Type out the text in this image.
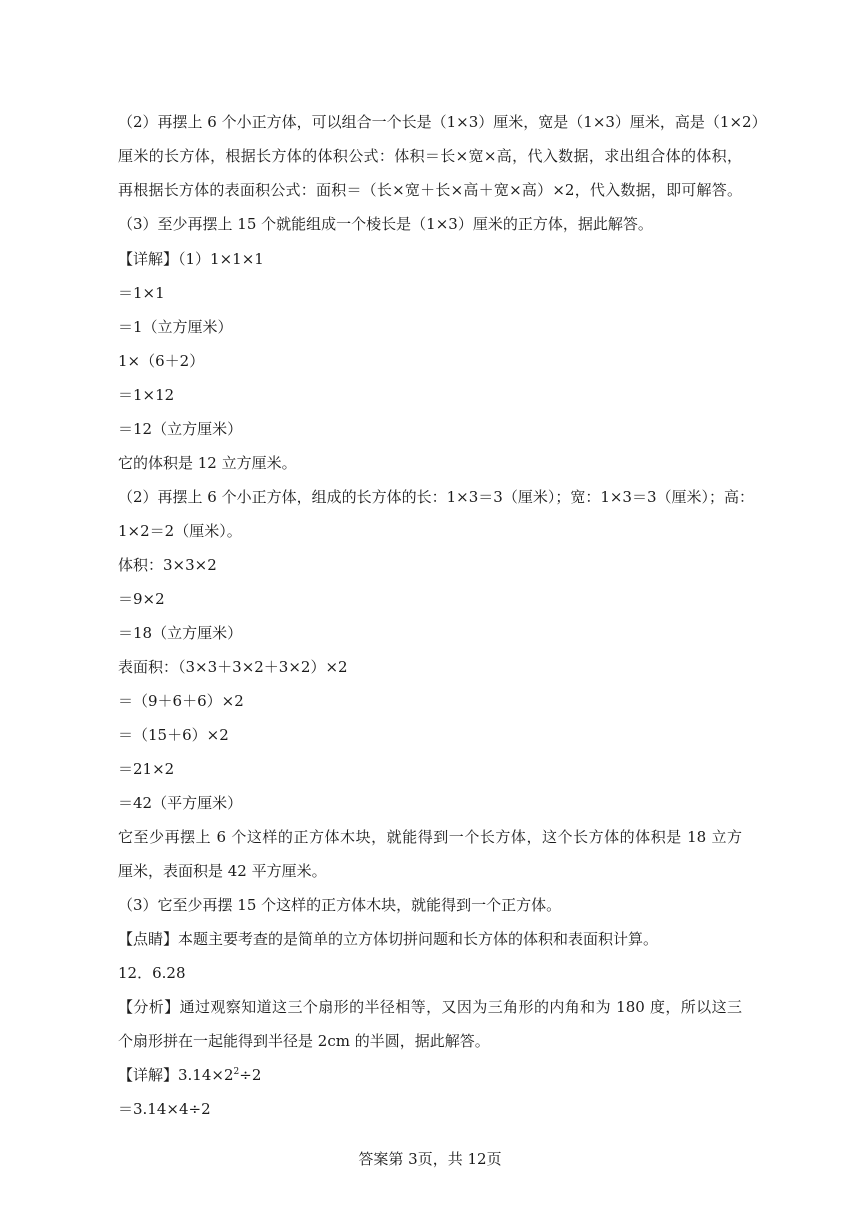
（2）再摆上 6 个小正方体，可以组合一个长是（1×3）厘米，宽是（1×3）厘米，高是（1×2）
厘米的长方体，根据长方体的体积公式：体积＝长×宽×高，代入数据，求出组合体的体积，
再根据长方体的表面积公式：面积＝（长×宽＋长×高＋宽×高）×2，代入数据，即可解答。
（3）至少再摆上 15 个就能组成一个棱长是（1×3）厘米的正方体，据此解答。
【详解】（1）1×1×1
＝1×1
＝1（立方厘米）
1×（6＋2）
＝1×12
＝12（立方厘米）
它的体积是 12 立方厘米。
（2）再摆上 6 个小正方体，组成的长方体的长：1×3＝3（厘米）；宽：1×3＝3（厘米）；高：
1×2＝2（厘米）。
体积：3×3×2
＝9×2
＝18（立方厘米）
表面积：（3×3＋3×2＋3×2）×2
＝（9＋6＋6）×2
＝（15＋6）×2
＝21×2
＝42（平方厘米）
它至少再摆上 6 个这样的正方体木块，就能得到一个长方体，这个长方体的体积是 18 立方
厘米，表面积是 42 平方厘米。
（3）它至少再摆 15 个这样的正方体木块，就能得到一个正方体。
【点睛】本题主要考查的是简单的立方体切拼问题和长方体的体积和表面积计算。
12．6.28
【分析】通过观察知道这三个扇形的半径相等，又因为三角形的内角和为 180 度，所以这三
个扇形拼在一起能得到半径是 2cm 的半圆，据此解答。
【详解】$3.14\times 2^2\div 2$
＝3.14×4÷2
答案第 3页，共 12页
